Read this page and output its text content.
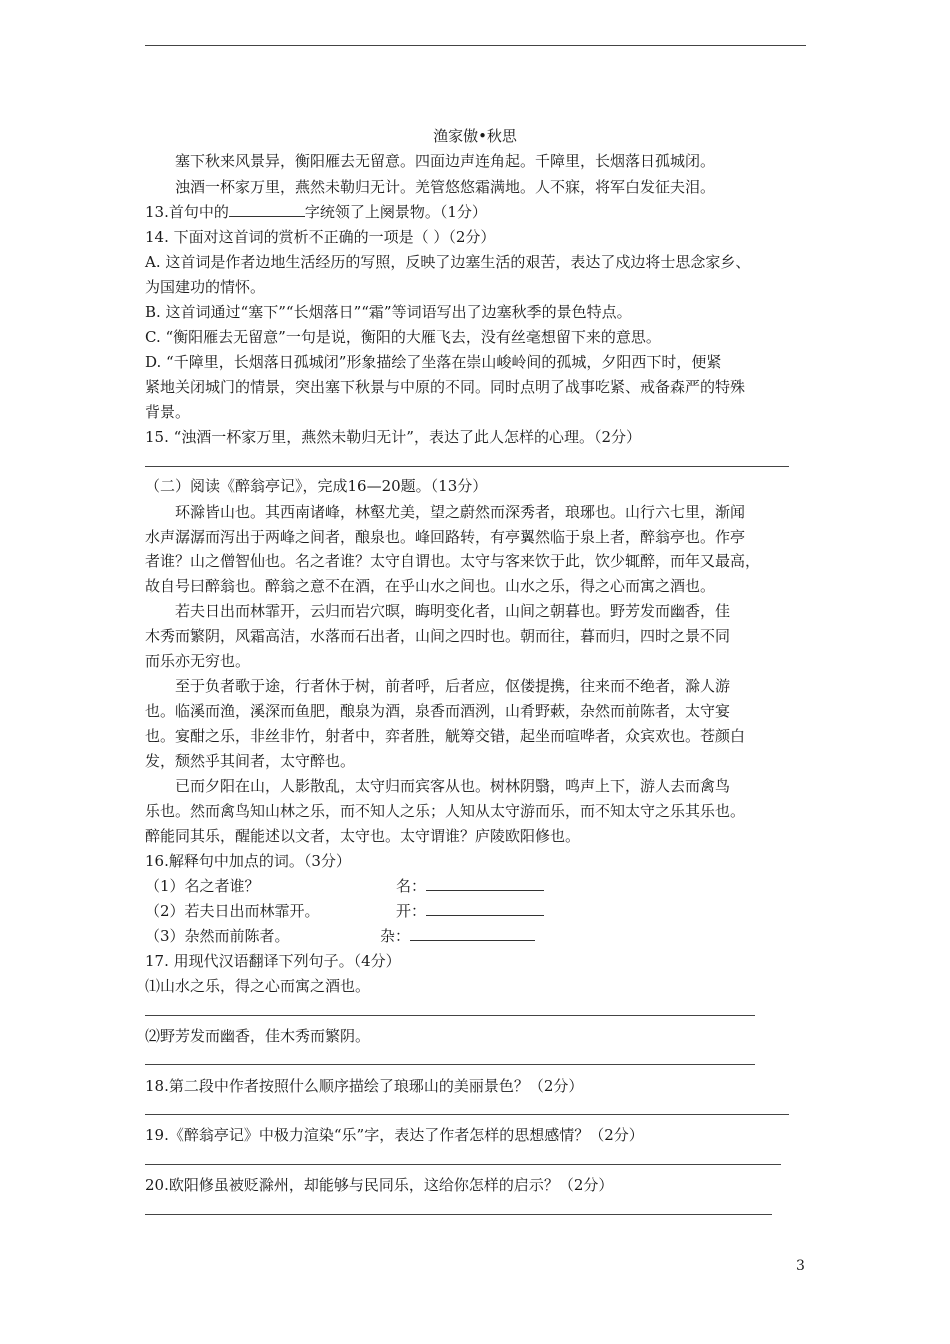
渔家傲•秋思
塞下秋来风景异，衡阳雁去无留意。四面边声连角起。千障里，长烟落日孤城闭。
浊酒一杯家万里，燕然未勒归无计。羌管悠悠霜满地。人不寐，将军白发征夫泪。
13.首句中的	字统领了上阕景物。（1分）
14. 下面对这首词的赏析不正确的一项是（ ）（2分）
A. 这首词是作者边地生活经历的写照，反映了边塞生活的艰苦，表达了戍边将士思念家乡、
为国建功的情怀。
B. 这首词通过“塞下”“长烟落日”“霜”等词语写出了边塞秋季的景色特点。
C. “衡阳雁去无留意”一句是说，衡阳的大雁飞去，没有丝毫想留下来的意思。
D. “千障里，长烟落日孤城闭”形象描绘了坐落在崇山峻岭间的孤城，夕阳西下时，便紧
紧地关闭城门的情景，突出塞下秋景与中原的不同。同时点明了战事吃紧、戒备森严的特殊
背景。
15. “浊酒一杯家万里，燕然未勒归无计”，表达了此人怎样的心理。（2分）
（二）阅读《醉翁亭记》，完成16—20题。（13分）
环滁皆山也。其西南诸峰，林壑尤美，望之蔚然而深秀者，琅琊也。山行六七里，渐闻
水声潺潺而泻出于两峰之间者，酿泉也。峰回路转，有亭翼然临于泉上者，醉翁亭也。作亭
者谁？山之僧智仙也。名之者谁？太守自谓也。太守与客来饮于此，饮少辄醉，而年又最高，
故自号曰醉翁也。醉翁之意不在酒，在乎山水之间也。山水之乐，得之心而寓之酒也。
若夫日出而林霏开，云归而岩穴暝，晦明变化者，山间之朝暮也。野芳发而幽香，佳
木秀而繁阴，风霜高洁，水落而石出者，山间之四时也。朝而往，暮而归，四时之景不同
而乐亦无穷也。
至于负者歌于途，行者休于树，前者呼，后者应，伛偻提携，往来而不绝者，滁人游
也。临溪而渔，溪深而鱼肥，酿泉为酒，泉香而酒洌，山肴野蔌，杂然而前陈者，太守宴
也。宴酣之乐，非丝非竹，射者中，弈者胜，觥筹交错，起坐而喧哗者，众宾欢也。苍颜白
发，颓然乎其间者，太守醉也。
已而夕阳在山，人影散乱，太守归而宾客从也。树林阴翳，鸣声上下，游人去而禽鸟
乐也。然而禽鸟知山林之乐，而不知人之乐；人知从太守游而乐，而不知太守之乐其乐也。
醉能同其乐，醒能述以文者，太守也。太守谓谁？庐陵欧阳修也。
16.解释句中加点的词。（3分）
（1）名之者谁？	名：
（2）若夫日出而林霏开。	开：
（3）杂然而前陈者。	杂：
17. 用现代汉语翻译下列句子。（4分）
⑴山水之乐，得之心而寓之酒也。
⑵野芳发而幽香，佳木秀而繁阴。
18.第二段中作者按照什么顺序描绘了琅琊山的美丽景色？（2分）
19.《醉翁亭记》中极力渲染“乐”字，表达了作者怎样的思想感情？（2分）
20.欧阳修虽被贬滁州，却能够与民同乐，这给你怎样的启示？（2分）
3
